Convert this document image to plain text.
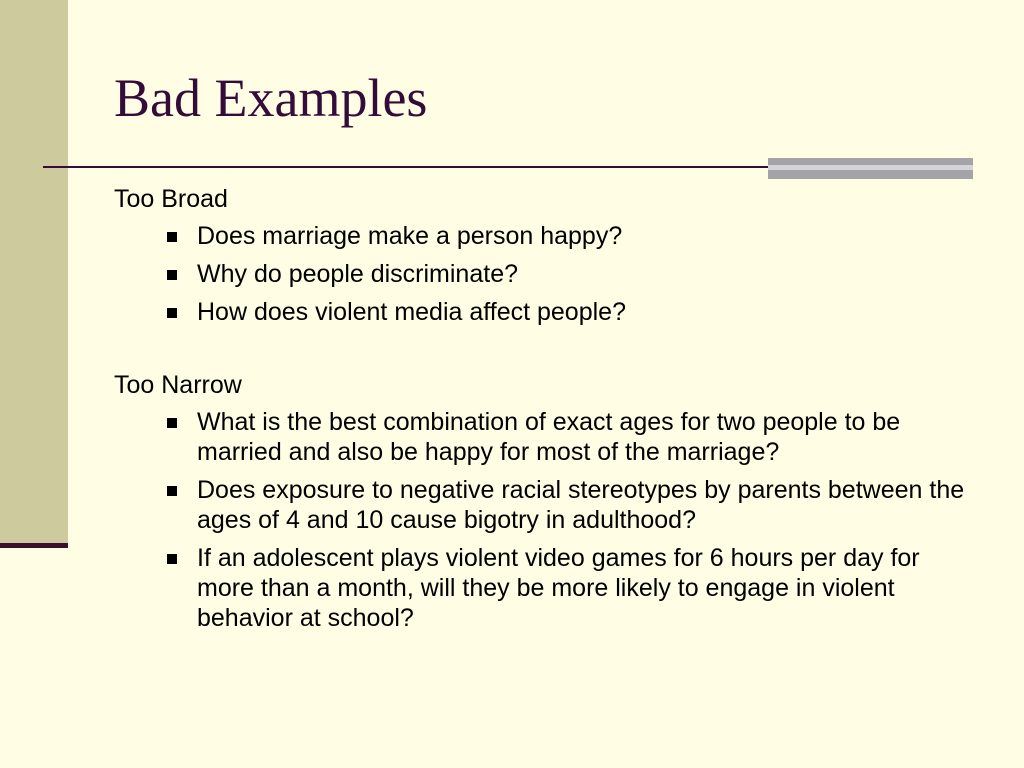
Bad Examples

Too Broad

Does marriage make a person happy?
Why do people discriminate?
How does violent media affect people?

Too Narrow

What is the best combination of exact ages for two people to be married and also be happy for most of the marriage?
Does exposure to negative racial stereotypes by parents between the ages of 4 and 10 cause bigotry in adulthood?
If an adolescent plays violent video games for 6 hours per day for more than a month, will they be more likely to engage in violent behavior at school?
